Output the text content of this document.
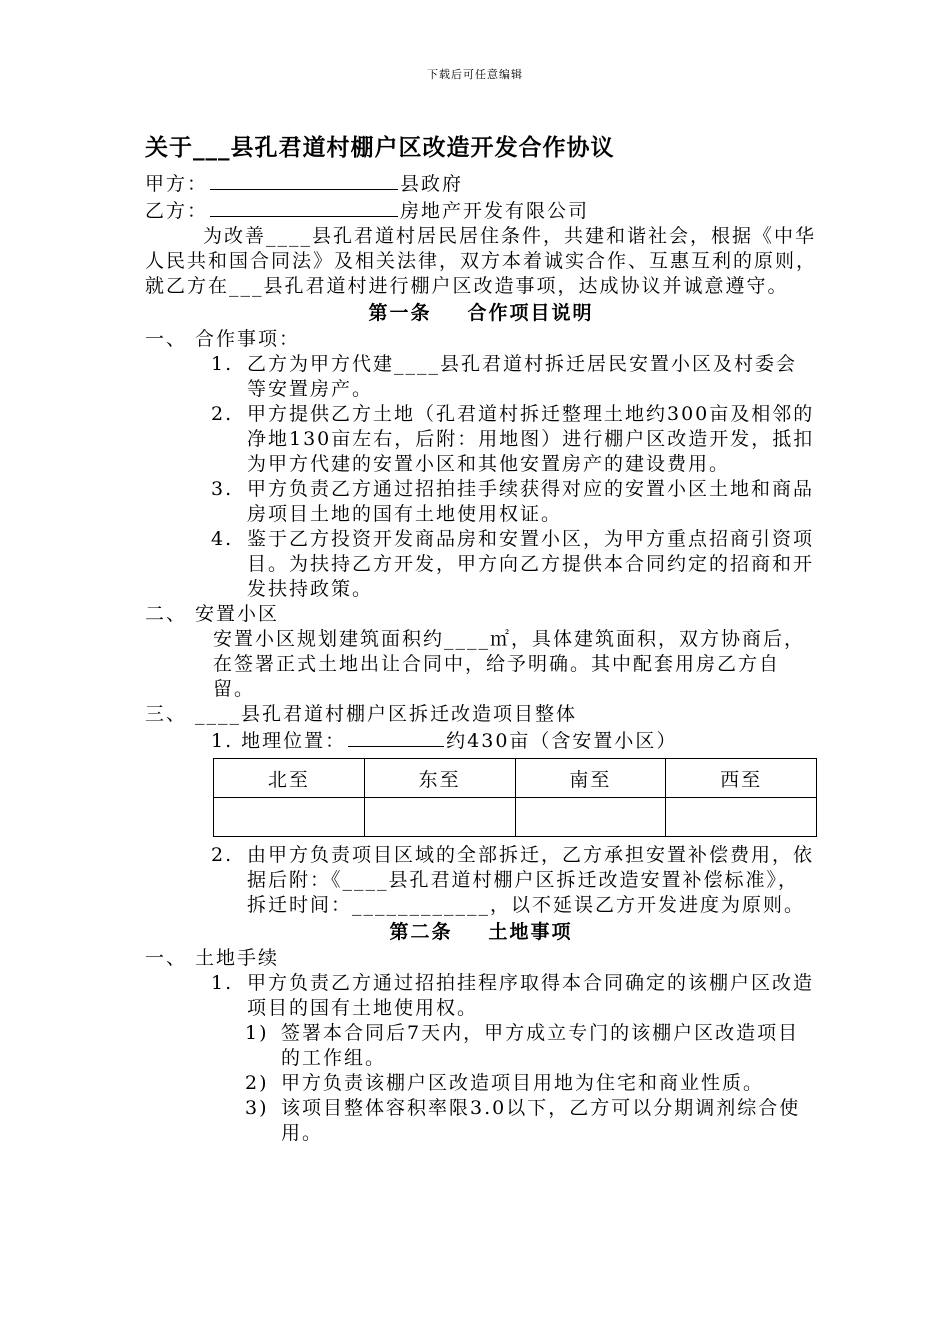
下载后可任意编辑
关于___县孔君道村棚户区改造开发合作协议
甲方：	县政府
乙方：	房地产开发有限公司
为改善____县孔君道村居民居住条件，共建和谐社会，根据《中华人民共和国合同法》及相关法律，双方本着诚实合作、互惠互利的原则，就乙方在___县孔君道村进行棚户区改造事项，达成协议并诚意遵守。
第一条 合作项目说明
一、 合作事项：
1. 乙方为甲方代建____县孔君道村拆迁居民安置小区及村委会等安置房产。
2. 甲方提供乙方土地（孔君道村拆迁整理土地约300亩及相邻的净地130亩左右，后附：用地图）进行棚户区改造开发，抵扣为甲方代建的安置小区和其他安置房产的建设费用。
3. 甲方负责乙方通过招拍挂手续获得对应的安置小区土地和商品房项目土地的国有土地使用权证。
4. 鉴于乙方投资开发商品房和安置小区，为甲方重点招商引资项目。为扶持乙方开发，甲方向乙方提供本合同约定的招商和开发扶持政策。
二、 安置小区
安置小区规划建筑面积约____㎡，具体建筑面积，双方协商后，在签署正式土地出让合同中，给予明确。其中配套用房乙方自留。
三、 ____县孔君道村棚户区拆迁改造项目整体
1. 地理位置：	约430亩（含安置小区）
北至	东至	南至	西至

2. 由甲方负责项目区域的全部拆迁，乙方承担安置补偿费用，依据后附：《____县孔君道村棚户区拆迁改造安置补偿标准》，拆迁时间：____________，以不延误乙方开发进度为原则。
第二条 土地事项
一、 土地手续
1. 甲方负责乙方通过招拍挂程序取得本合同确定的该棚户区改造项目的国有土地使用权。
1) 签署本合同后7天内，甲方成立专门的该棚户区改造项目的工作组。
2) 甲方负责该棚户区改造项目用地为住宅和商业性质。
3) 该项目整体容积率限3.0以下，乙方可以分期调剂综合使用。
